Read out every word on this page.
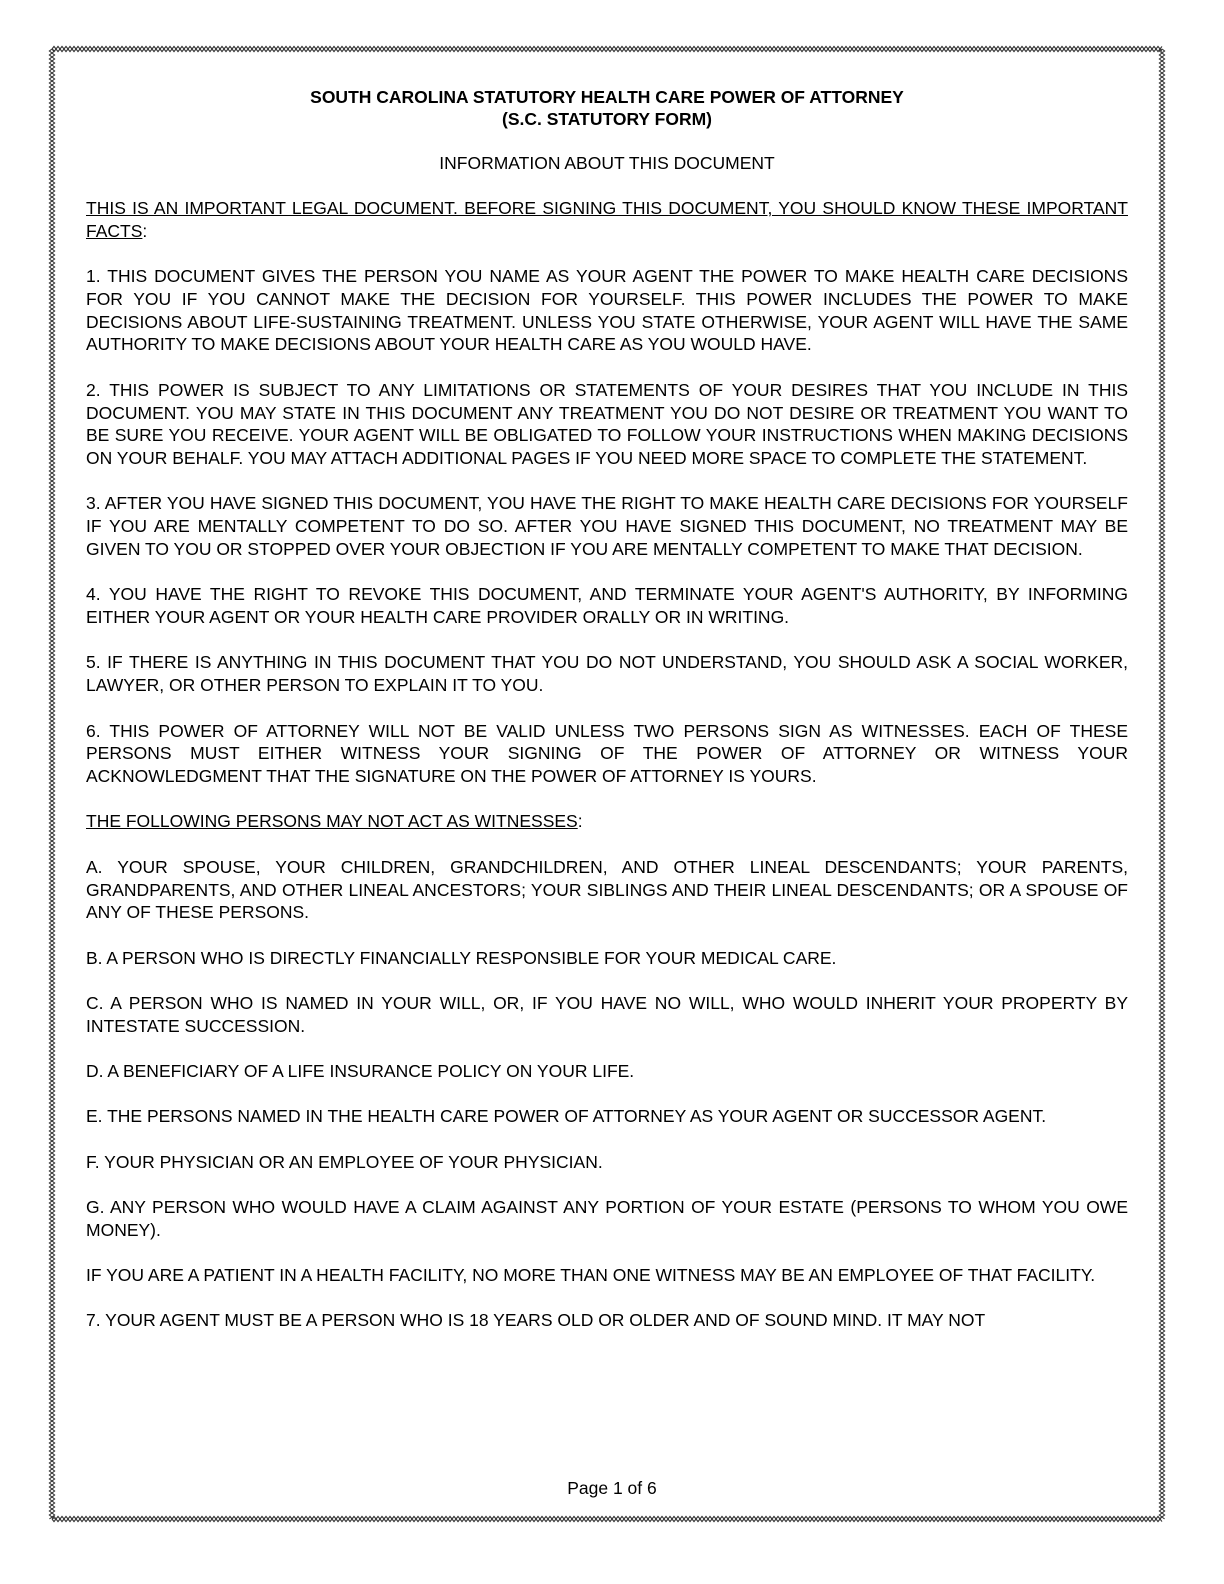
SOUTH CAROLINA STATUTORY HEALTH CARE POWER OF ATTORNEY
(S.C. STATUTORY FORM)

INFORMATION ABOUT THIS DOCUMENT

THIS IS AN IMPORTANT LEGAL DOCUMENT. BEFORE SIGNING THIS DOCUMENT, YOU SHOULD KNOW THESE IMPORTANT FACTS:

1. THIS DOCUMENT GIVES THE PERSON YOU NAME AS YOUR AGENT THE POWER TO MAKE HEALTH CARE DECISIONS FOR YOU IF YOU CANNOT MAKE THE DECISION FOR YOURSELF. THIS POWER INCLUDES THE POWER TO MAKE DECISIONS ABOUT LIFE-SUSTAINING TREATMENT. UNLESS YOU STATE OTHERWISE, YOUR AGENT WILL HAVE THE SAME AUTHORITY TO MAKE DECISIONS ABOUT YOUR HEALTH CARE AS YOU WOULD HAVE.

2. THIS POWER IS SUBJECT TO ANY LIMITATIONS OR STATEMENTS OF YOUR DESIRES THAT YOU INCLUDE IN THIS DOCUMENT. YOU MAY STATE IN THIS DOCUMENT ANY TREATMENT YOU DO NOT DESIRE OR TREATMENT YOU WANT TO BE SURE YOU RECEIVE. YOUR AGENT WILL BE OBLIGATED TO FOLLOW YOUR INSTRUCTIONS WHEN MAKING DECISIONS ON YOUR BEHALF. YOU MAY ATTACH ADDITIONAL PAGES IF YOU NEED MORE SPACE TO COMPLETE THE STATEMENT.

3. AFTER YOU HAVE SIGNED THIS DOCUMENT, YOU HAVE THE RIGHT TO MAKE HEALTH CARE DECISIONS FOR YOURSELF IF YOU ARE MENTALLY COMPETENT TO DO SO. AFTER YOU HAVE SIGNED THIS DOCUMENT, NO TREATMENT MAY BE GIVEN TO YOU OR STOPPED OVER YOUR OBJECTION IF YOU ARE MENTALLY COMPETENT TO MAKE THAT DECISION.

4. YOU HAVE THE RIGHT TO REVOKE THIS DOCUMENT, AND TERMINATE YOUR AGENT'S AUTHORITY, BY INFORMING EITHER YOUR AGENT OR YOUR HEALTH CARE PROVIDER ORALLY OR IN WRITING.

5. IF THERE IS ANYTHING IN THIS DOCUMENT THAT YOU DO NOT UNDERSTAND, YOU SHOULD ASK A SOCIAL WORKER, LAWYER, OR OTHER PERSON TO EXPLAIN IT TO YOU.

6. THIS POWER OF ATTORNEY WILL NOT BE VALID UNLESS TWO PERSONS SIGN AS WITNESSES. EACH OF THESE PERSONS MUST EITHER WITNESS YOUR SIGNING OF THE POWER OF ATTORNEY OR WITNESS YOUR ACKNOWLEDGMENT THAT THE SIGNATURE ON THE POWER OF ATTORNEY IS YOURS.

THE FOLLOWING PERSONS MAY NOT ACT AS WITNESSES:

A. YOUR SPOUSE, YOUR CHILDREN, GRANDCHILDREN, AND OTHER LINEAL DESCENDANTS; YOUR PARENTS, GRANDPARENTS, AND OTHER LINEAL ANCESTORS; YOUR SIBLINGS AND THEIR LINEAL DESCENDANTS; OR A SPOUSE OF ANY OF THESE PERSONS.

B. A PERSON WHO IS DIRECTLY FINANCIALLY RESPONSIBLE FOR YOUR MEDICAL CARE.

C. A PERSON WHO IS NAMED IN YOUR WILL, OR, IF YOU HAVE NO WILL, WHO WOULD INHERIT YOUR PROPERTY BY INTESTATE SUCCESSION.

D. A BENEFICIARY OF A LIFE INSURANCE POLICY ON YOUR LIFE.

E. THE PERSONS NAMED IN THE HEALTH CARE POWER OF ATTORNEY AS YOUR AGENT OR SUCCESSOR AGENT.

F. YOUR PHYSICIAN OR AN EMPLOYEE OF YOUR PHYSICIAN.

G. ANY PERSON WHO WOULD HAVE A CLAIM AGAINST ANY PORTION OF YOUR ESTATE (PERSONS TO WHOM YOU OWE MONEY).

IF YOU ARE A PATIENT IN A HEALTH FACILITY, NO MORE THAN ONE WITNESS MAY BE AN EMPLOYEE OF THAT FACILITY.

7. YOUR AGENT MUST BE A PERSON WHO IS 18 YEARS OLD OR OLDER AND OF SOUND MIND. IT MAY NOT

Page 1 of 6
